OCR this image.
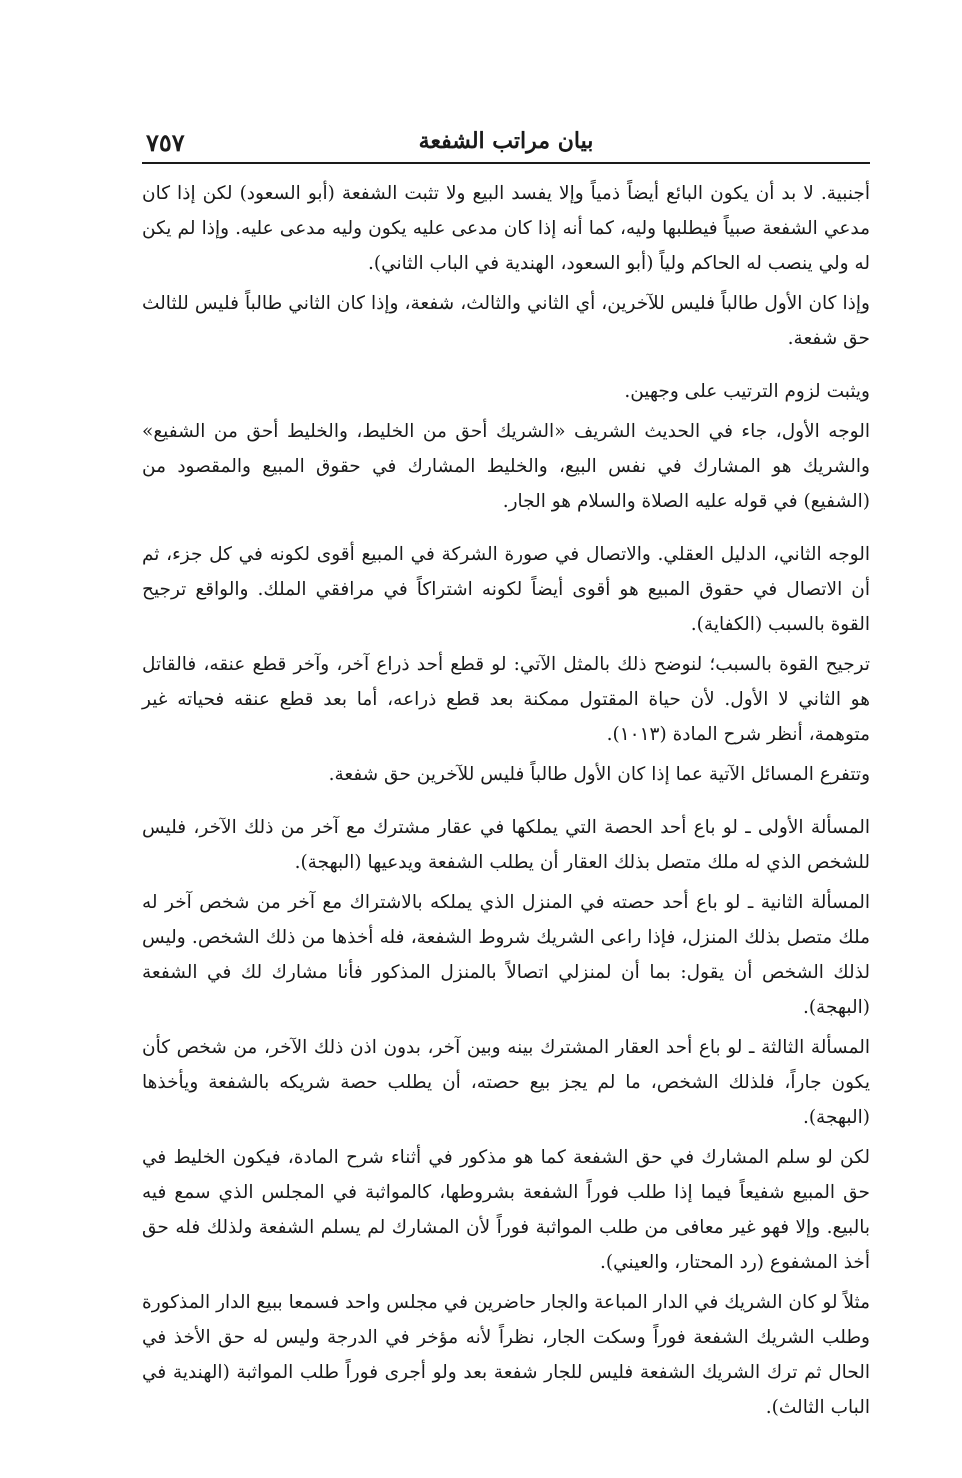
٧٥٧	بيان مراتب الشفعة

أجنبية. لا بد أن يكون البائع أيضاً ذمياً وإلا يفسد البيع ولا تثبت الشفعة (أبو السعود) لكن إذا كان مدعي الشفعة صبياً فيطلبها وليه، كما أنه إذا كان مدعى عليه يكون وليه مدعى عليه. وإذا لم يكن له ولي ينصب له الحاكم ولياً (أبو السعود، الهندية في الباب الثاني).

وإذا كان الأول طالباً فليس للآخرين، أي الثاني والثالث، شفعة، وإذا كان الثاني طالباً فليس للثالث حق شفعة.

ويثبت لزوم الترتيب على وجهين.

الوجه الأول، جاء في الحديث الشريف «الشريك أحق من الخليط، والخليط أحق من الشفيع» والشريك هو المشارك في نفس البيع، والخليط المشارك في حقوق المبيع والمقصود من (الشفيع) في قوله عليه الصلاة والسلام هو الجار.

الوجه الثاني، الدليل العقلي. والاتصال في صورة الشركة في المبيع أقوى لكونه في كل جزء، ثم أن الاتصال في حقوق المبيع هو أقوى أيضاً لكونه اشتراكاً في مرافقي الملك. والواقع ترجيح القوة بالسبب (الكفاية).

ترجيح القوة بالسبب؛ لنوضح ذلك بالمثل الآتي: لو قطع أحد ذراع آخر، وآخر قطع عنقه، فالقاتل هو الثاني لا الأول. لأن حياة المقتول ممكنة بعد قطع ذراعه، أما بعد قطع عنقه فحياته غير متوهمة، أنظر شرح المادة (١٠١٣).

وتتفرع المسائل الآتية عما إذا كان الأول طالباً فليس للآخرين حق شفعة.

المسألة الأولى ـ لو باع أحد الحصة التي يملكها في عقار مشترك مع آخر من ذلك الآخر، فليس للشخص الذي له ملك متصل بذلك العقار أن يطلب الشفعة ويدعيها (البهجة).

المسألة الثانية ـ لو باع أحد حصته في المنزل الذي يملكه بالاشتراك مع آخر من شخص آخر له ملك متصل بذلك المنزل، فإذا راعى الشريك شروط الشفعة، فله أخذها من ذلك الشخص. وليس لذلك الشخص أن يقول: بما أن لمنزلي اتصالاً بالمنزل المذكور فأنا مشارك لك في الشفعة (البهجة).

المسألة الثالثة ـ لو باع أحد العقار المشترك بينه وبين آخر، بدون اذن ذلك الآخر، من شخص كأن يكون جاراً، فلذلك الشخص، ما لم يجز بيع حصته، أن يطلب حصة شريكه بالشفعة ويأخذها (البهجة).

لكن لو سلم المشارك في حق الشفعة كما هو مذكور في أثناء شرح المادة، فيكون الخليط في حق المبيع شفيعاً فيما إذا طلب فوراً الشفعة بشروطها، كالمواثبة في المجلس الذي سمع فيه بالبيع. وإلا فهو غير معافى من طلب المواثبة فوراً لأن المشارك لم يسلم الشفعة ولذلك فله حق أخذ المشفوع (رد المحتار، والعيني).

مثلاً لو كان الشريك في الدار المباعة والجار حاضرين في مجلس واحد فسمعا ببيع الدار المذكورة وطلب الشريك الشفعة فوراً وسكت الجار، نظراً لأنه مؤخر في الدرجة وليس له حق الأخذ في الحال ثم ترك الشريك الشفعة فليس للجار شفعة بعد ولو أجرى فوراً طلب المواثبة (الهندية في الباب الثالث).
